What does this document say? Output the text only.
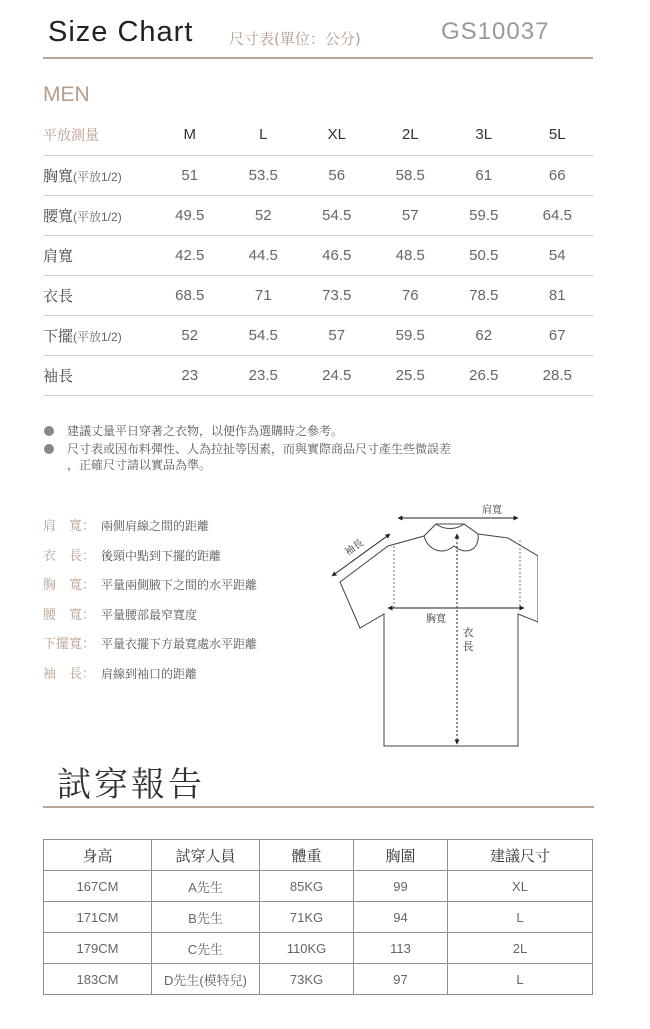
Size Chart 尺寸表(單位：公分)	GS10037
MEN
平放測量	M	L	XL	2L	3L	5L
胸寬(平放1/2)	51	53.5	56	58.5	61	66
腰寬(平放1/2)	49.5	52	54.5	57	59.5	64.5
肩寬	42.5	44.5	46.5	48.5	50.5	54
衣長	68.5	71	73.5	76	78.5	81
下擺(平放1/2)	52	54.5	57	59.5	62	67
袖長	23	23.5	24.5	25.5	26.5	28.5
建議丈量平日穿著之衣物，以便作為選購時之參考。
尺寸表或因布料彈性、人為拉扯等因素，而與實際商品尺寸產生些微誤差
，正確尺寸請以實品為準。
肩　寬： 兩側肩線之間的距離
衣　長： 後頸中點到下擺的距離
胸　寬： 平量兩側腋下之間的水平距離
腰　寬： 平量腰部最窄寬度
下擺寬： 平量衣擺下方最寬處水平距離
袖　長： 肩線到袖口的距離
肩寬
袖長
胸寬
衣
長
試穿報告
身高	試穿人員	體重	胸圍	建議尺寸
167CM	A先生	85KG	99	XL
171CM	B先生	71KG	94	L
179CM	C先生	110KG	113	2L
183CM	D先生(模特兒)	73KG	97	L
